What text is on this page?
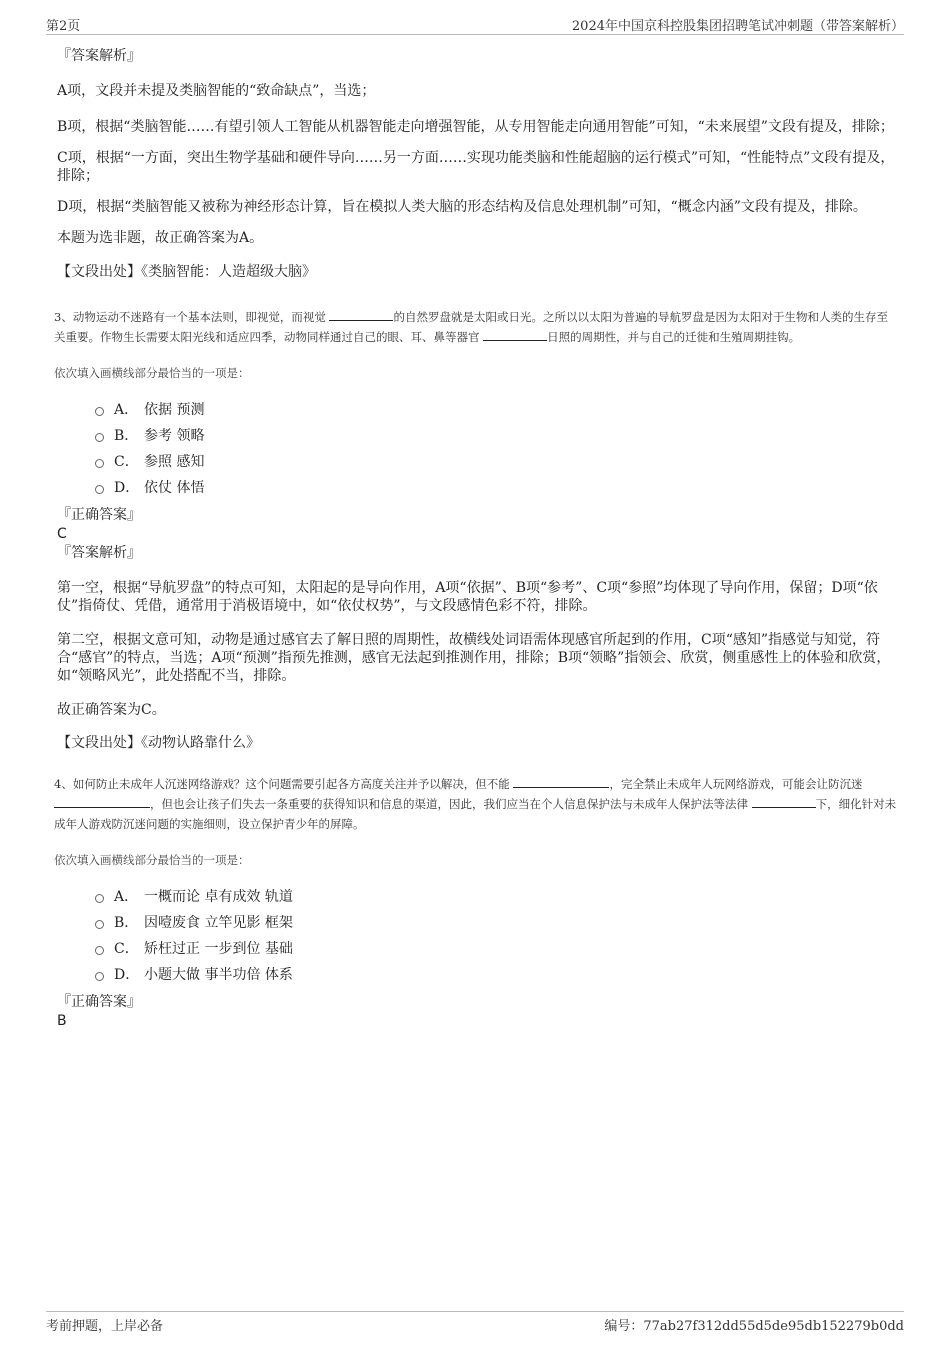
第2页	2024年中国京科控股集团招聘笔试冲刺题（带答案解析）

『答案解析』

A项，文段并未提及类脑智能的“致命缺点”，当选；

B项，根据“类脑智能……有望引领人工智能从机器智能走向增强智能，从专用智能走向通用智能”可知，“未来展望”文段有提及，排除；

C项，根据“一方面，突出生物学基础和硬件导向……另一方面……实现功能类脑和性能超脑的运行模式”可知，“性能特点”文段有提及，排除；

D项，根据“类脑智能又被称为神经形态计算，旨在模拟人类大脑的形态结构及信息处理机制”可知，“概念内涵”文段有提及，排除。

本题为选非题，故正确答案为A。

【文段出处】《类脑智能：人造超级大脑》

3、动物运动不迷路有一个基本法则，即视觉，而视觉	的自然罗盘就是太阳或日光。之所以以太阳为普遍的导航罗盘是因为太阳对于生物和人类的生存至关重要。作物生长需要太阳光线和适应四季，动物同样通过自己的眼、耳、鼻等器官	日照的周期性，并与自己的迁徙和生殖周期挂钩。

依次填入画横线部分最恰当的一项是：

A． 依据 预测
B． 参考 领略
C． 参照 感知
D． 依仗 体悟

『正确答案』

C

『答案解析』

第一空，根据“导航罗盘”的特点可知，太阳起的是导向作用，A项“依据”、B项“参考”、C项“参照”均体现了导向作用，保留；D项“依仗”指倚仗、凭借，通常用于消极语境中，如“依仗权势”，与文段感情色彩不符，排除。

第二空，根据文意可知，动物是通过感官去了解日照的周期性，故横线处词语需体现感官所起到的作用，C项“感知”指感觉与知觉，符合“感官”的特点，当选；A项“预测”指预先推测，感官无法起到推测作用，排除；B项“领略”指领会、欣赏，侧重感性上的体验和欣赏，如“领略风光”，此处搭配不当，排除。

故正确答案为C。

【文段出处】《动物认路靠什么》

4、如何防止未成年人沉迷网络游戏？这个问题需要引起各方高度关注并予以解决，但不能	，完全禁止未成年人玩网络游戏，可能会让防沉迷 ，但也会让孩子们失去一条重要的获得知识和信息的渠道，因此，我们应当在个人信息保护法与未成年人保护法等法律	下，细化针对未成年人游戏防沉迷问题的实施细则，设立保护青少年的屏障。

依次填入画横线部分最恰当的一项是：

A． 一概而论 卓有成效 轨道
B． 因噎废食 立竿见影 框架
C． 矫枉过正 一步到位 基础
D． 小题大做 事半功倍 体系

『正确答案』

B

考前押题，上岸必备	编号：77ab27f312dd55d5de95db152279b0dd
